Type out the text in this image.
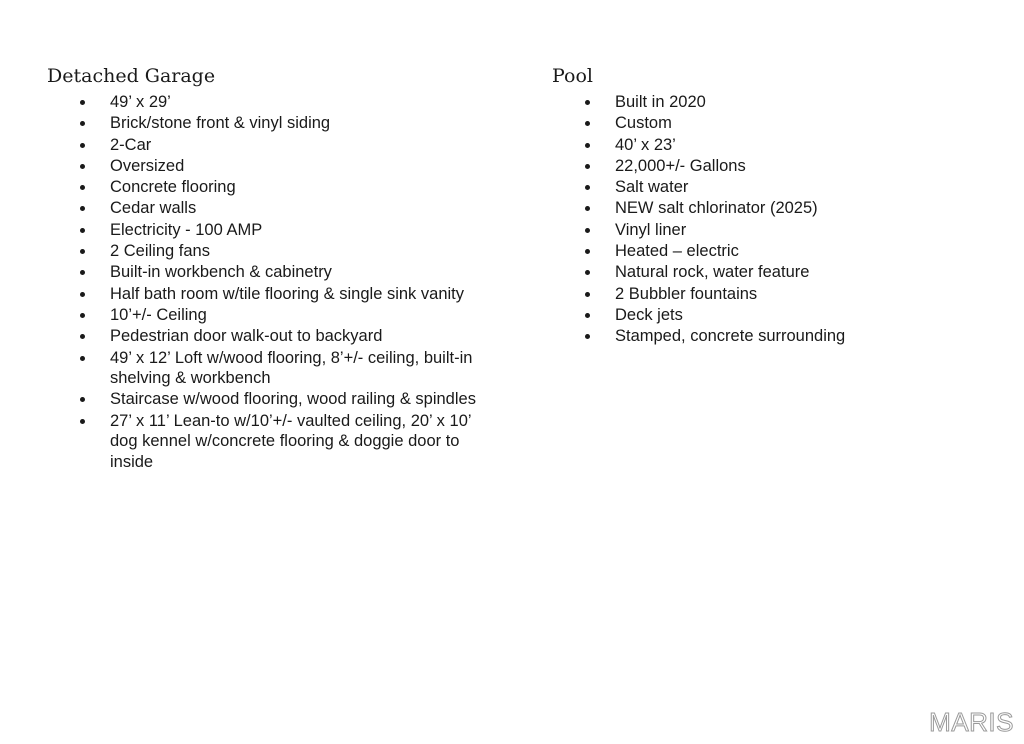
Detached Garage
49’ x 29’
Brick/stone front & vinyl siding
2-Car
Oversized
Concrete flooring
Cedar walls
Electricity - 100 AMP
2 Ceiling fans
Built-in workbench & cabinetry
Half bath room w/tile flooring & single sink vanity
10’+/- Ceiling
Pedestrian door walk-out to backyard
49’ x 12’ Loft w/wood flooring, 8’+/- ceiling, built-in shelving & workbench
Staircase w/wood flooring, wood railing & spindles
27’ x 11’ Lean-to w/10’+/- vaulted ceiling, 20’ x 10’ dog kennel w/concrete flooring & doggie door to inside
Pool
Built in 2020
Custom
40’ x 23’
22,000+/- Gallons
Salt water
NEW salt chlorinator (2025)
Vinyl liner
Heated – electric
Natural rock, water feature
2 Bubbler fountains
Deck jets
Stamped, concrete surrounding
MARIS
